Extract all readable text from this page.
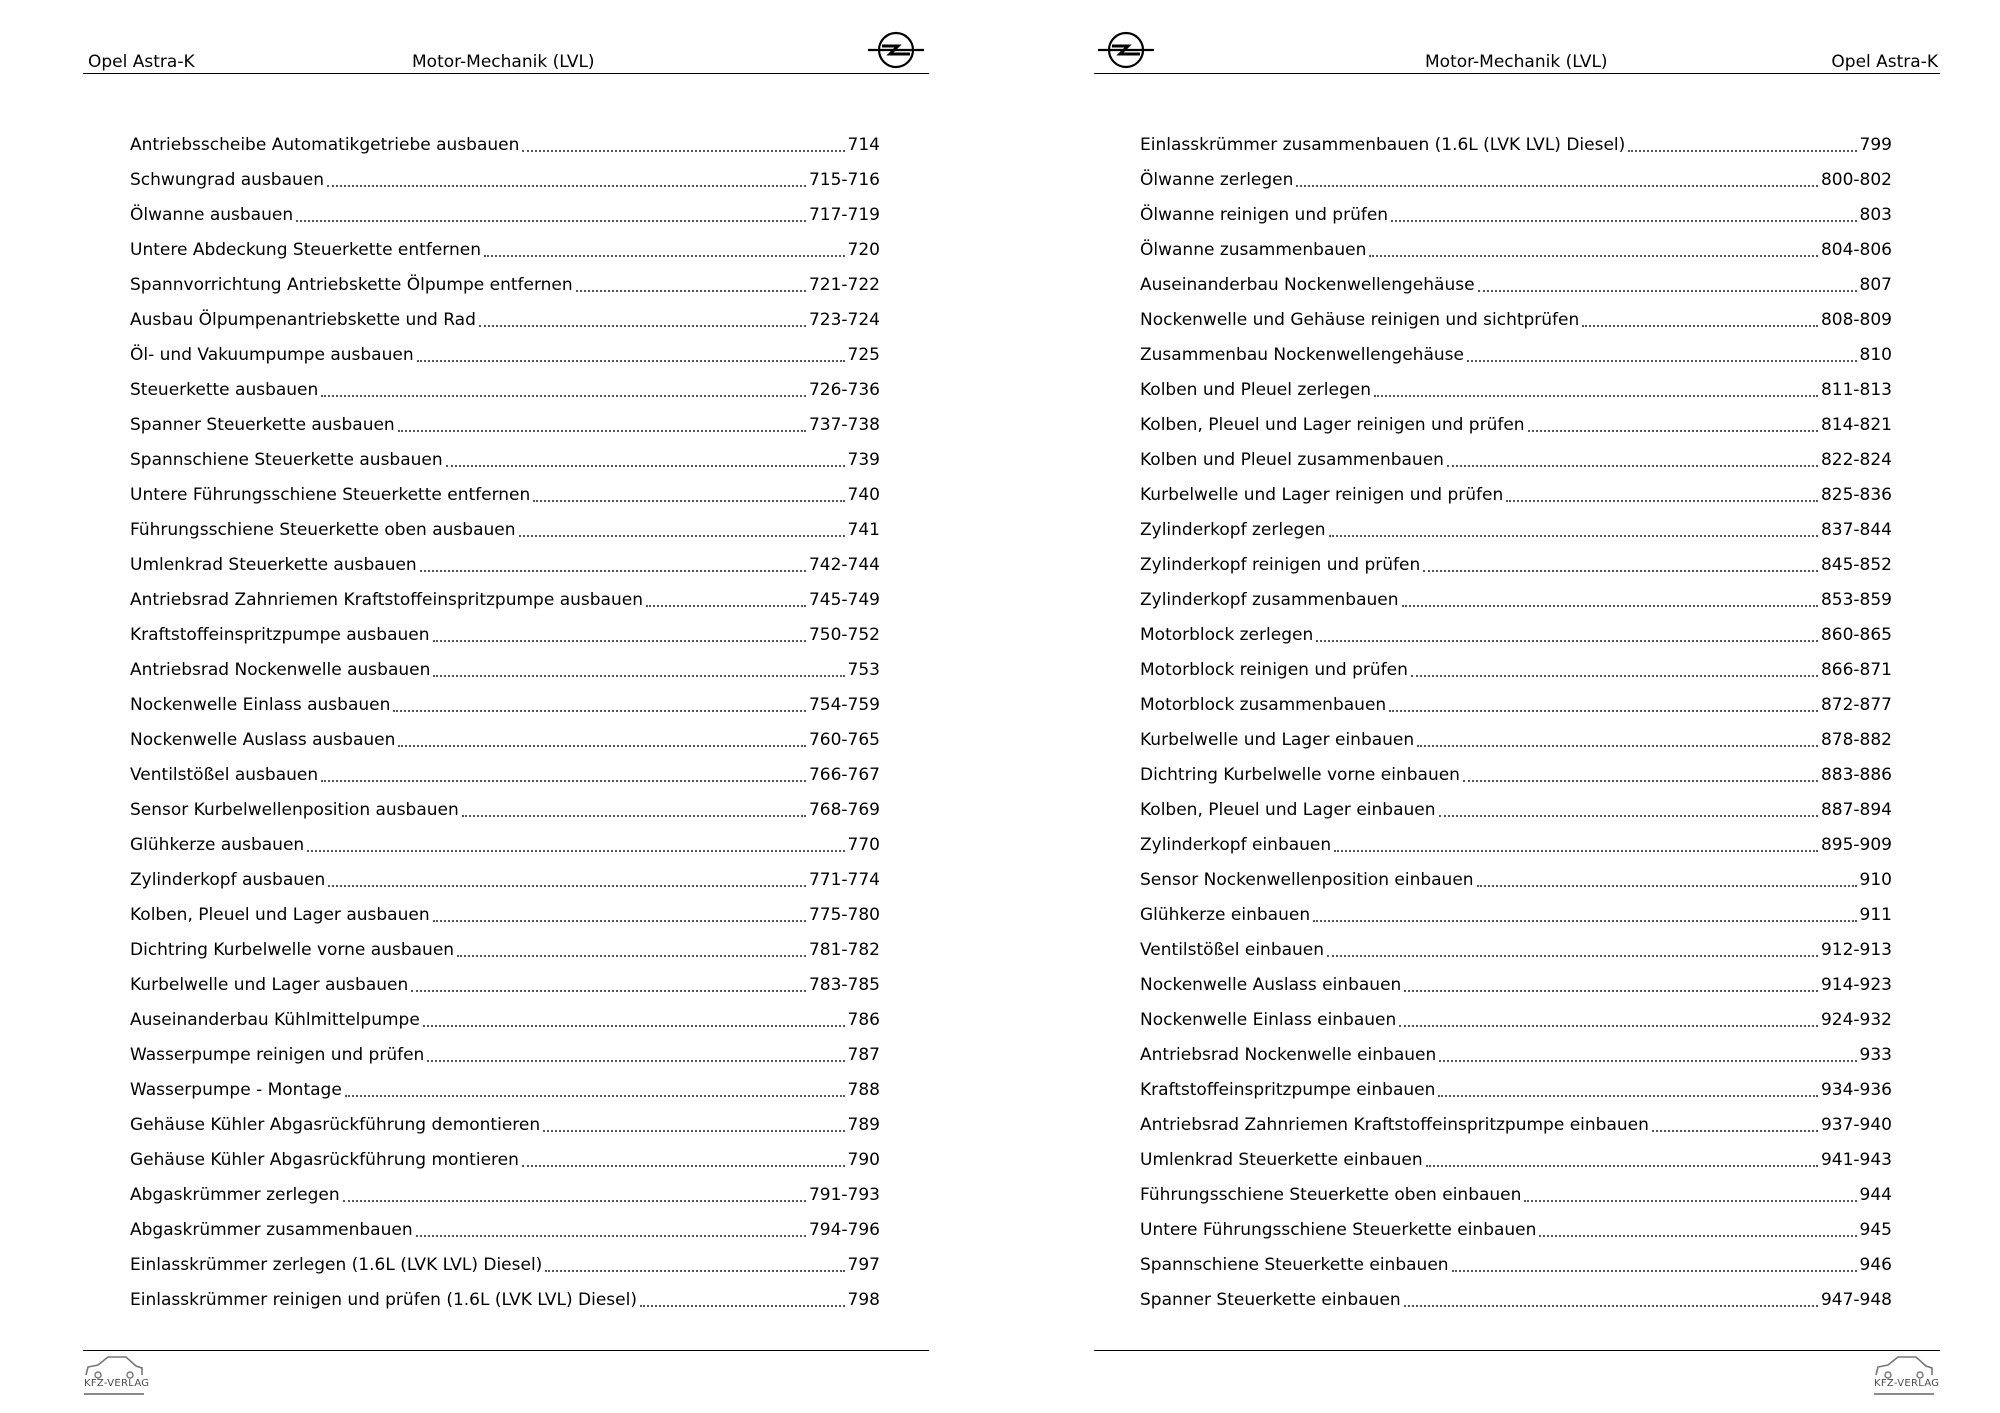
Opel Astra-K	Motor-Mechanik (LVL)
Antriebsscheibe Automatikgetriebe ausbauen	714
Schwungrad ausbauen	715-716
Ölwanne ausbauen	717-719
Untere Abdeckung Steuerkette entfernen	720
Spannvorrichtung Antriebskette Ölpumpe entfernen	721-722
Ausbau Ölpumpenantriebskette und Rad	723-724
Öl- und Vakuumpumpe ausbauen	725
Steuerkette ausbauen	726-736
Spanner Steuerkette ausbauen	737-738
Spannschiene Steuerkette ausbauen	739
Untere Führungsschiene Steuerkette entfernen	740
Führungsschiene Steuerkette oben ausbauen	741
Umlenkrad Steuerkette ausbauen	742-744
Antriebsrad Zahnriemen Kraftstoffeinspritzpumpe ausbauen	745-749
Kraftstoffeinspritzpumpe ausbauen	750-752
Antriebsrad Nockenwelle ausbauen	753
Nockenwelle Einlass ausbauen	754-759
Nockenwelle Auslass ausbauen	760-765
Ventilstößel ausbauen	766-767
Sensor Kurbelwellenposition ausbauen	768-769
Glühkerze ausbauen	770
Zylinderkopf ausbauen	771-774
Kolben, Pleuel und Lager ausbauen	775-780
Dichtring Kurbelwelle vorne ausbauen	781-782
Kurbelwelle und Lager ausbauen	783-785
Auseinanderbau Kühlmittelpumpe	786
Wasserpumpe reinigen und prüfen	787
Wasserpumpe - Montage	788
Gehäuse Kühler Abgasrückführung demontieren	789
Gehäuse Kühler Abgasrückführung montieren	790
Abgaskrümmer zerlegen	791-793
Abgaskrümmer zusammenbauen	794-796
Einlasskrümmer zerlegen (1.6L (LVK LVL) Diesel)	797
Einlasskrümmer reinigen und prüfen (1.6L (LVK LVL) Diesel)	798
KFZ-VERLAG
Motor-Mechanik (LVL)	Opel Astra-K
Einlasskrümmer zusammenbauen (1.6L (LVK LVL) Diesel)	799
Ölwanne zerlegen	800-802
Ölwanne reinigen und prüfen	803
Ölwanne zusammenbauen	804-806
Auseinanderbau Nockenwellengehäuse	807
Nockenwelle und Gehäuse reinigen und sichtprüfen	808-809
Zusammenbau Nockenwellengehäuse	810
Kolben und Pleuel zerlegen	811-813
Kolben, Pleuel und Lager reinigen und prüfen	814-821
Kolben und Pleuel zusammenbauen	822-824
Kurbelwelle und Lager reinigen und prüfen	825-836
Zylinderkopf zerlegen	837-844
Zylinderkopf reinigen und prüfen	845-852
Zylinderkopf zusammenbauen	853-859
Motorblock zerlegen	860-865
Motorblock reinigen und prüfen	866-871
Motorblock zusammenbauen	872-877
Kurbelwelle und Lager einbauen	878-882
Dichtring Kurbelwelle vorne einbauen	883-886
Kolben, Pleuel und Lager einbauen	887-894
Zylinderkopf einbauen	895-909
Sensor Nockenwellenposition einbauen	910
Glühkerze einbauen	911
Ventilstößel einbauen	912-913
Nockenwelle Auslass einbauen	914-923
Nockenwelle Einlass einbauen	924-932
Antriebsrad Nockenwelle einbauen	933
Kraftstoffeinspritzpumpe einbauen	934-936
Antriebsrad Zahnriemen Kraftstoffeinspritzpumpe einbauen	937-940
Umlenkrad Steuerkette einbauen	941-943
Führungsschiene Steuerkette oben einbauen	944
Untere Führungsschiene Steuerkette einbauen	945
Spannschiene Steuerkette einbauen	946
Spanner Steuerkette einbauen	947-948
KFZ-VERLAG
